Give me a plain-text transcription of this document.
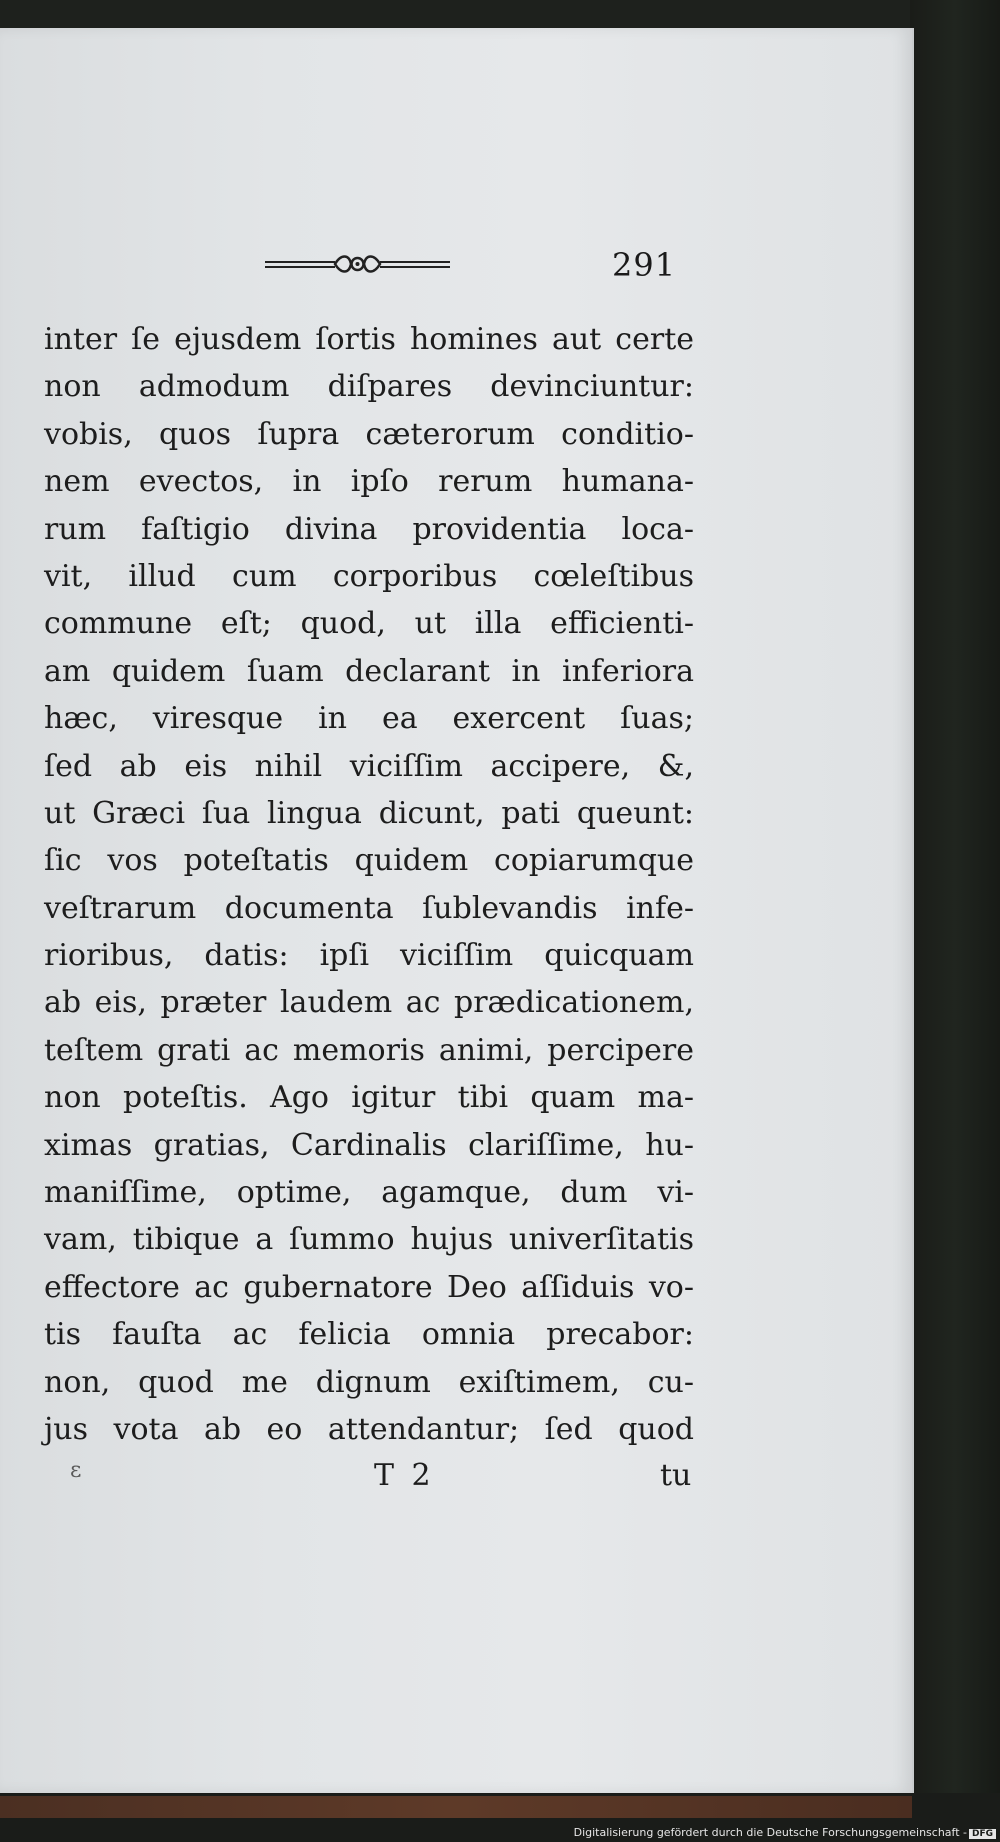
291
inter ſe ejusdem ſortis homines aut certe
non admodum diſpares devinciuntur:
vobis, quos ſupra cæterorum conditio-
nem evectos, in ipſo rerum humana-
rum faſtigio divina providentia loca-
vit, illud cum corporibus cœleſtibus
commune eſt; quod, ut illa efficienti-
am quidem ſuam declarant in inferiora
hæc, viresque in ea exercent ſuas;
ſed ab eis nihil viciſſim accipere, &,
ut Græci ſua lingua dicunt, pati queunt:
ſic vos poteſtatis quidem copiarumque
veſtrarum documenta ſublevandis infe-
rioribus, datis: ipſi viciſſim quicquam
ab eis, præter laudem ac prædicationem,
teſtem grati ac memoris animi, percipere
non poteſtis. Ago igitur tibi quam ma-
ximas gratias, Cardinalis clariſſime, hu-
maniſſime, optime, agamque, dum vi-
vam, tibique a ſummo hujus univerſitatis
effectore ac gubernatore Deo aſſiduis vo-
tis fauſta ac felicia omnia precabor:
non, quod me dignum exiſtimem, cu-
jus vota ab eo attendantur; ſed quod
ɛ	T 2	tu
Digitalisierung gefördert durch die Deutsche Forschungsgemeinschaft - DFG
